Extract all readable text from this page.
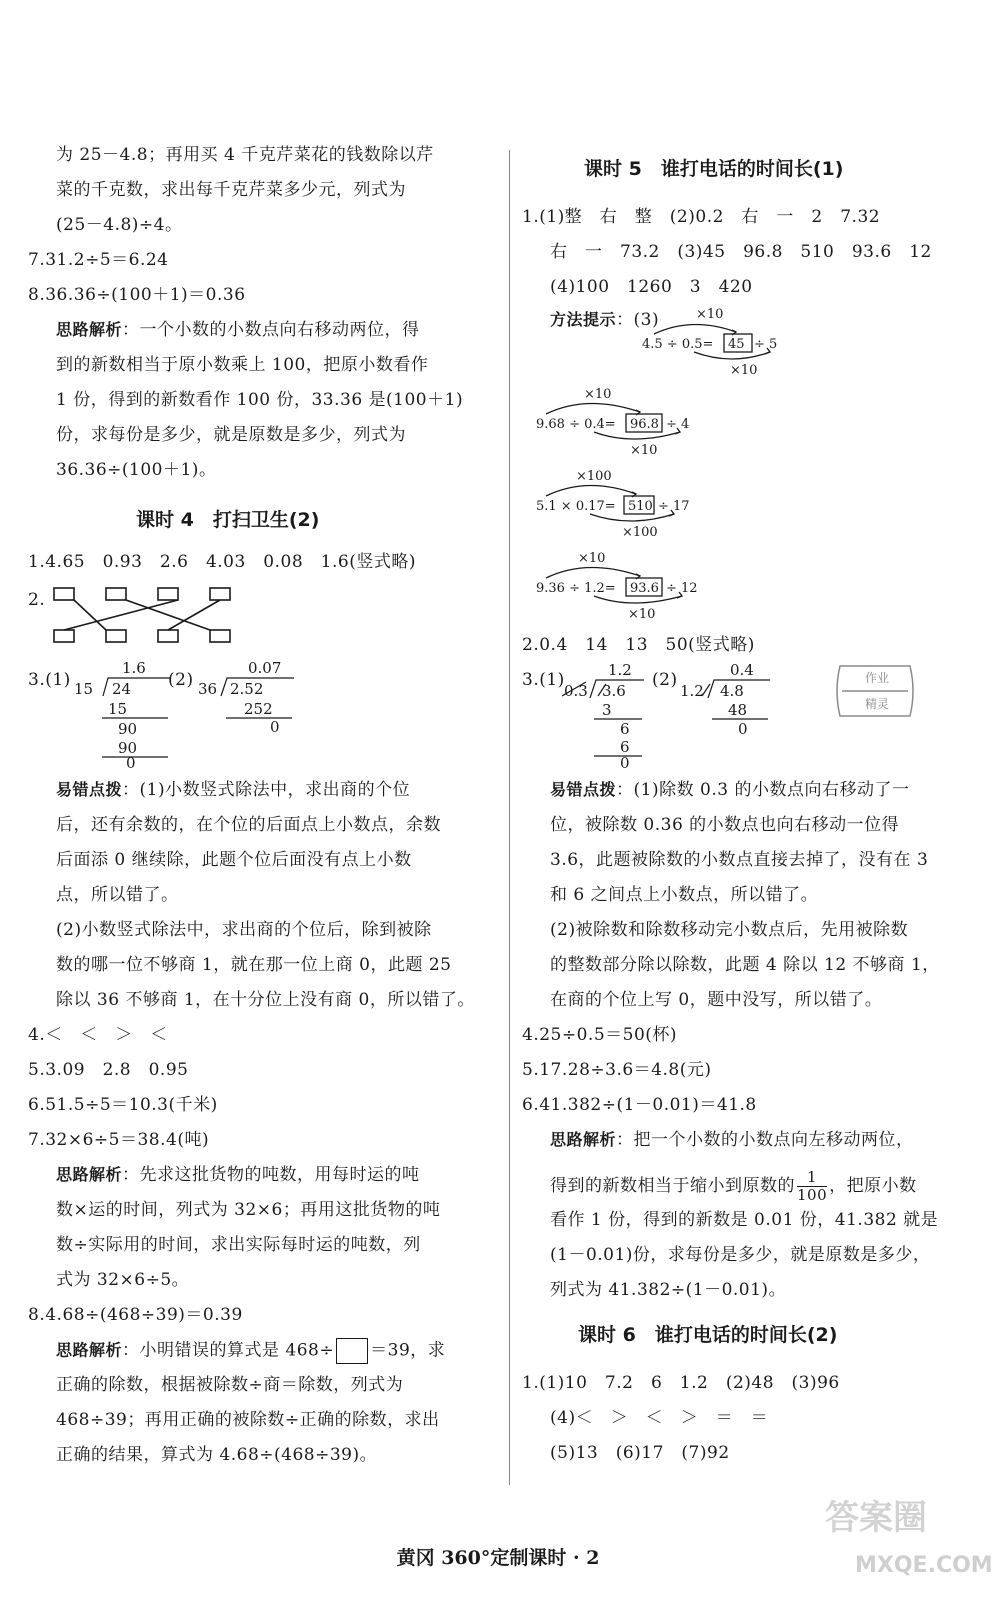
为 25－4.8；再用买 4 千克芹菜花的钱数除以芹
菜的千克数，求出每千克芹菜多少元，列式为
(25－4.8)÷4。
7.31.2÷5＝6.24
8.36.36÷(100＋1)＝0.36
思路解析：一个小数的小数点向右移动两位，得
到的新数相当于原小数乘上 100，把原小数看作
1 份，得到的新数看作 100 份，33.36 是(100＋1)
份，求每份是多少，就是原数是多少，列式为
36.36÷(100＋1)。
课时 4　打扫卫生(2)
1.4.65　0.93　2.6　4.03　0.08　1.6(竖式略)
2.
3.(1)
1.6
15 24
15
90
90
0
(2)
0.07
36 2.52
252
0
易错点拨：(1)小数竖式除法中，求出商的个位
后，还有余数的，在个位的后面点上小数点，余数
后面添 0 继续除，此题个位后面没有点上小数
点，所以错了。
(2)小数竖式除法中，求出商的个位后，除到被除
数的哪一位不够商 1，就在那一位上商 0，此题 25
除以 36 不够商 1，在十分位上没有商 0，所以错了。
4.＜　＜　＞　＜
5.3.09　2.8　0.95
6.51.5÷5＝10.3(千米)
7.32×6÷5＝38.4(吨)
思路解析：先求这批货物的吨数，用每时运的吨
数×运的时间，列式为 32×6；再用这批货物的吨
数÷实际用的时间，求出实际每时运的吨数，列
式为 32×6÷5。
8.4.68÷(468÷39)＝0.39
思路解析：小明错误的算式是 468÷ ＝39，求
正确的除数，根据被除数÷商＝除数，列式为
468÷39；再用正确的被除数÷正确的除数，求出
正确的结果，算式为 4.68÷(468÷39)。
课时 5　谁打电话的时间长(1)
1.(1)整　右　整　(2)0.2　右　一　2　7.32
右　一　73.2　(3)45　96.8　510　93.6　12
(4)100　1260　3　420
方法提示：(3)	×10
4.5 ÷ 0.5= 45 ÷ 5
×10
×10
9.68 ÷ 0.4= 96.8 ÷ 4
×10
×100
5.1 × 0.17= 510 ÷ 17
×100
×10
9.36 ÷ 1.2= 93.6 ÷ 12
×10
2.0.4　14　13　50(竖式略)
3.(1)	1.2
0.3 3.6
3
6
6
0
(2)	0.4
1.2 4.8
48
0
作业
精灵
易错点拨：(1)除数 0.3 的小数点向右移动了一
位，被除数 0.36 的小数点也向右移动一位得
3.6，此题被除数的小数点直接去掉了，没有在 3
和 6 之间点上小数点，所以错了。
(2)被除数和除数移动完小数点后，先用被除数
的整数部分除以除数，此题 4 除以 12 不够商 1，
在商的个位上写 0，题中没写，所以错了。
4.25÷0.5＝50(杯)
5.17.28÷3.6＝4.8(元)
6.41.382÷(1－0.01)＝41.8
思路解析：把一个小数的小数点向左移动两位，
得到的新数相当于缩小到原数的 $\frac{1}{100}$ ，把原小数
看作 1 份，得到的新数是 0.01 份，41.382 就是
(1－0.01)份，求每份是多少，就是原数是多少，
列式为 41.382÷(1－0.01)。
课时 6　谁打电话的时间长(2)
1.(1)10　7.2　6　1.2　(2)48　(3)96
(4)＜　＞　＜　＞　＝　＝
(5)13　(6)17　(7)92
答案圈
MXQE.COM
黄冈 360°定制课时 · 2
